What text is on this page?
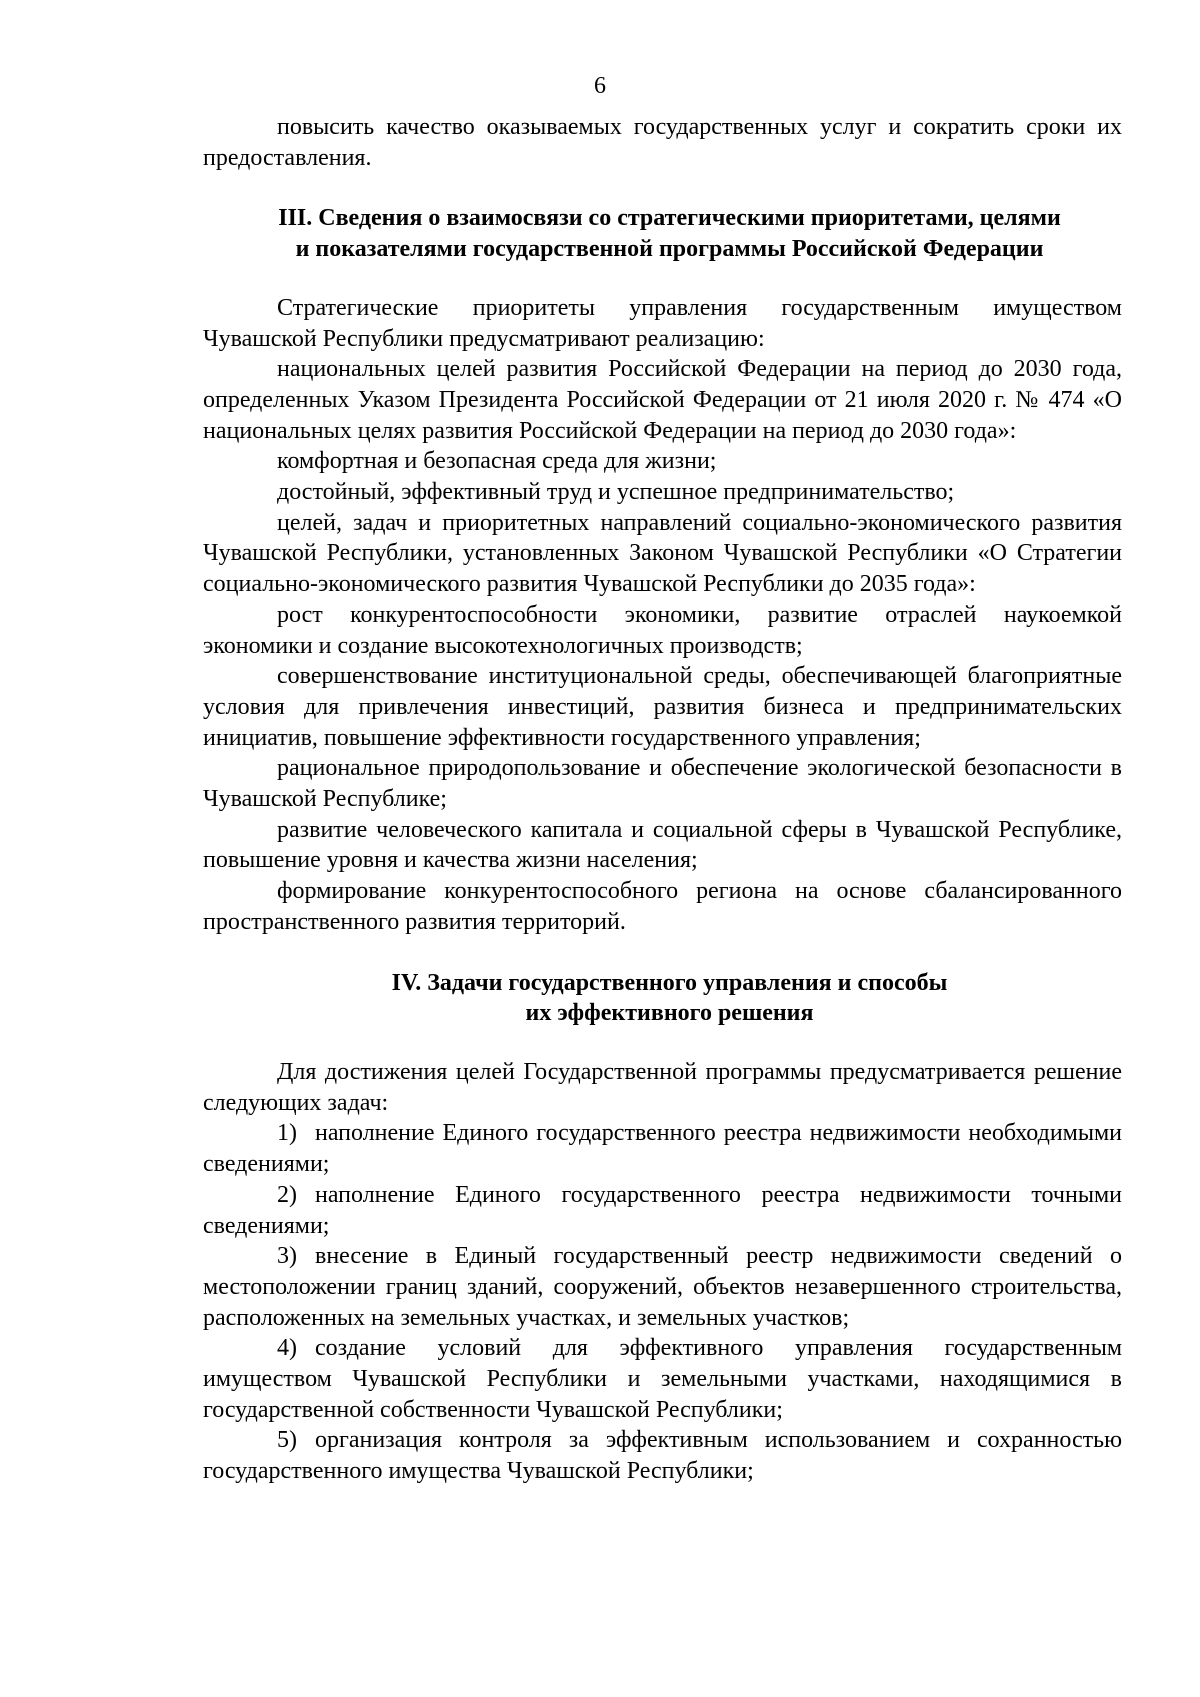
6

повысить качество оказываемых государственных услуг и сократить сроки их предоставления.

III. Сведения о взаимосвязи со стратегическими приоритетами, целями
и показателями государственной программы Российской Федерации

Стратегические приоритеты управления государственным имуществом Чувашской Республики предусматривают реализацию:

национальных целей развития Российской Федерации на период до 2030 года, определенных Указом Президента Российской Федерации от 21 июля 2020 г. № 474 «О национальных целях развития Российской Федерации на период до 2030 года»:

комфортная и безопасная среда для жизни;

достойный, эффективный труд и успешное предпринимательство;

целей, задач и приоритетных направлений социально-экономического развития Чувашской Республики, установленных Законом Чувашской Республики «О Стратегии социально-экономического развития Чувашской Республики до 2035 года»:

рост конкурентоспособности экономики, развитие отраслей наукоемкой экономики и создание высокотехнологичных производств;

совершенствование институциональной среды, обеспечивающей благоприятные условия для привлечения инвестиций, развития бизнеса и предпринимательских инициатив, повышение эффективности государственного управления;

рациональное природопользование и обеспечение экологической безопасности в Чувашской Республике;

развитие человеческого капитала и социальной сферы в Чувашской Республике, повышение уровня и качества жизни населения;

формирование конкурентоспособного региона на основе сбалансированного пространственного развития территорий.

IV. Задачи государственного управления и способы
их эффективного решения

Для достижения целей Государственной программы предусматривается решение следующих задач:

1) наполнение Единого государственного реестра недвижимости необходимыми сведениями;

2) наполнение Единого государственного реестра недвижимости точными сведениями;

3) внесение в Единый государственный реестр недвижимости сведений о местоположении границ зданий, сооружений, объектов незавершенного строительства, расположенных на земельных участках, и земельных участков;

4) создание условий для эффективного управления государственным имуществом Чувашской Республики и земельными участками, находящимися в государственной собственности Чувашской Республики;

5) организация контроля за эффективным использованием и сохранностью государственного имущества Чувашской Республики;
